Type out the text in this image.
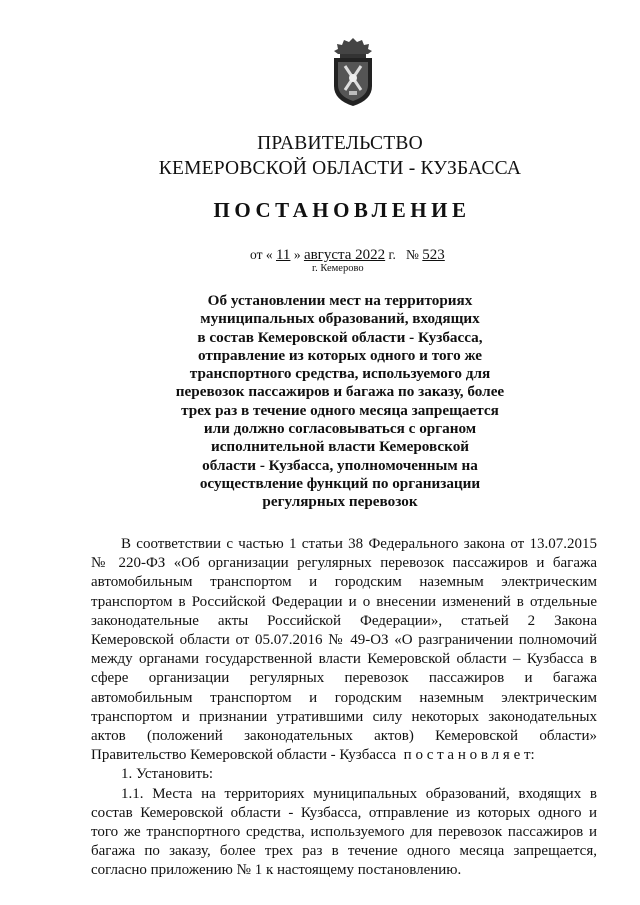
ПРАВИТЕЛЬСТВО
КЕМЕРОВСКОЙ ОБЛАСТИ - КУЗБАССА
ПОСТАНОВЛЕНИЕ
от « 11 » августа 2022 г. № 523
г. Кемерово
Об установлении мест на территориях
муниципальных образований, входящих
в состав Кемеровской области - Кузбасса,
отправление из которых одного и того же
транспортного средства, используемого для
перевозок пассажиров и багажа по заказу, более
трех раз в течение одного месяца запрещается
или должно согласовываться с органом
исполнительной власти Кемеровской
области - Кузбасса, уполномоченным на
осуществление функций по организации
регулярных перевозок
В соответствии с частью 1 статьи 38 Федерального закона от 13.07.2015
№ 220-ФЗ «Об организации регулярных перевозок пассажиров и багажа
автомобильным транспортом и городским наземным электрическим
транспортом в Российской Федерации и о внесении изменений в отдельные
законодательные акты Российской Федерации», статьей 2 Закона
Кемеровской области от 05.07.2016 № 49-ОЗ «О разграничении полномочий
между органами государственной власти Кемеровской области – Кузбасса в
сфере организации регулярных перевозок пассажиров и багажа
автомобильным транспортом и городским наземным электрическим
транспортом и признании утратившими силу некоторых законодательных
актов (положений законодательных актов) Кемеровской области»
Правительство Кемеровской области - Кузбасса п о с т а н о в л я е т:
1. Установить:
1.1. Места на территориях муниципальных образований, входящих в
состав Кемеровской области - Кузбасса, отправление из которых одного и
того же транспортного средства, используемого для перевозок пассажиров и
багажа по заказу, более трех раз в течение одного месяца запрещается,
согласно приложению № 1 к настоящему постановлению.
